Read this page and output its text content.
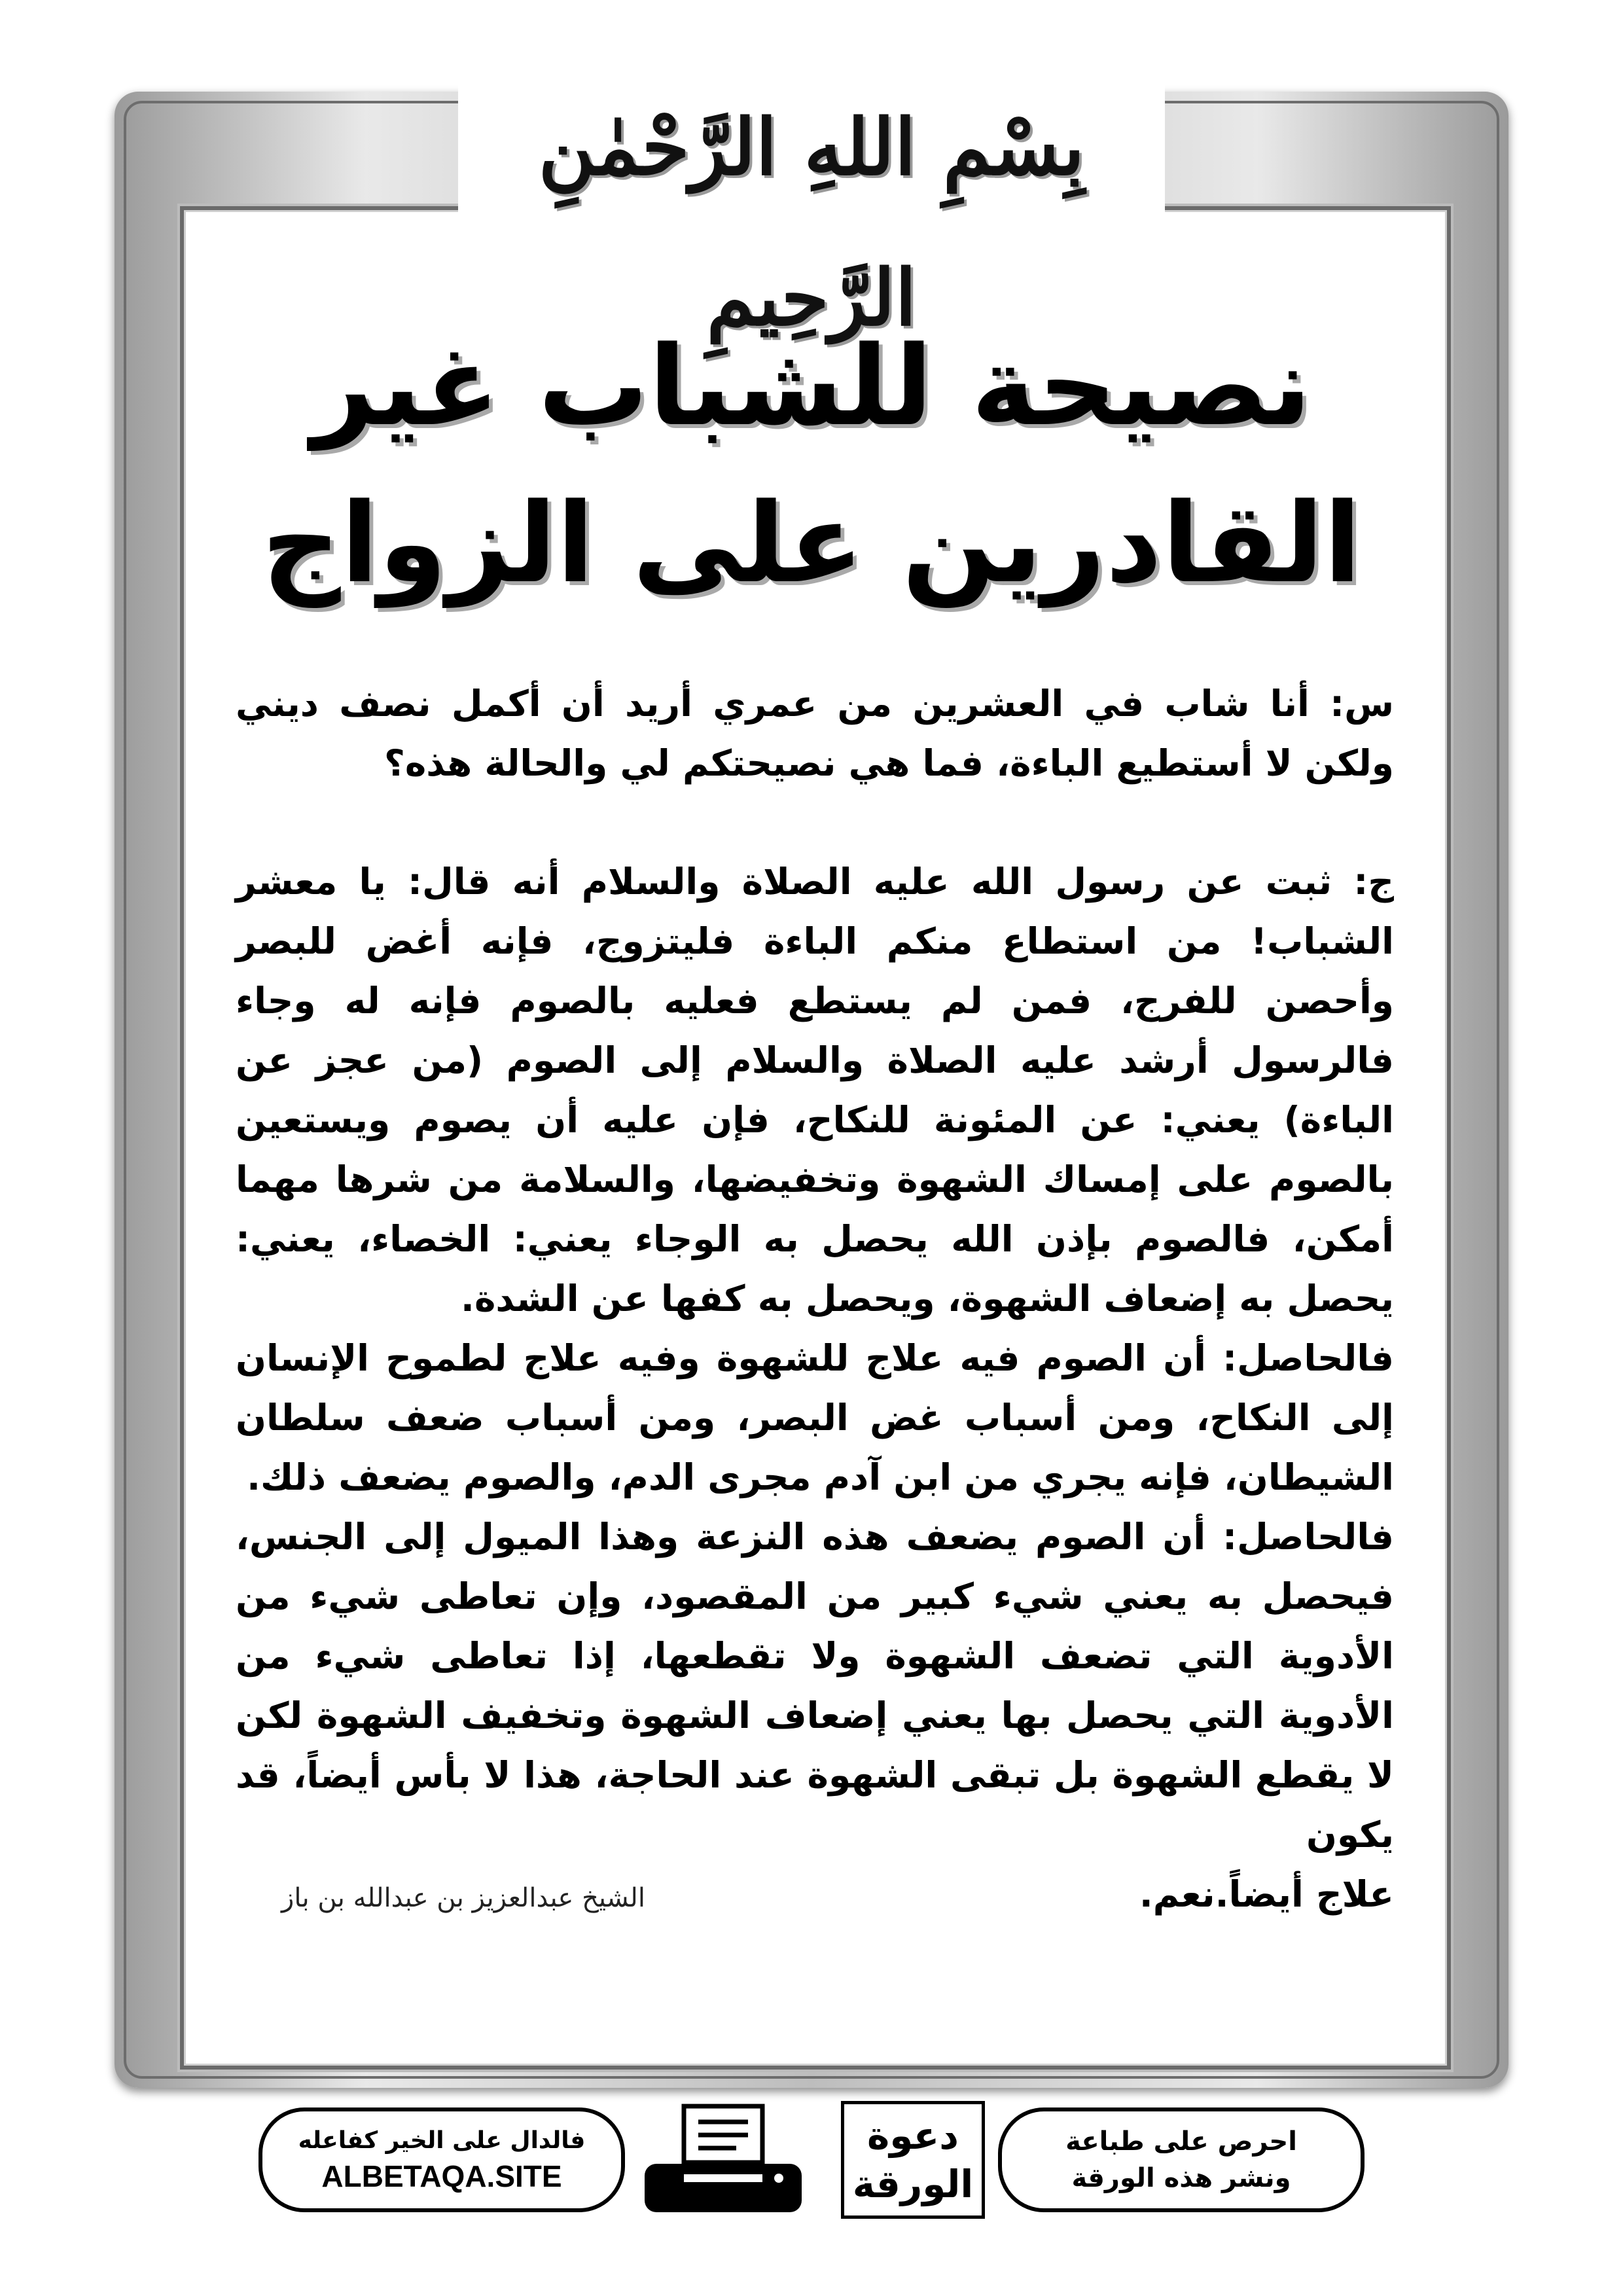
بِسْمِ اللهِ الرَّحْمٰنِ الرَّحِيمِ
نصيحة للشباب غير
القادرين على الزواج

س: أنا شاب في العشرين من عمري أريد أن أكمل نصف ديني ولكن لا أستطيع الباءة، فما هي نصيحتكم لي والحالة هذه؟

ج: ثبت عن رسول الله عليه الصلاة والسلام أنه قال: يا معشر الشباب! من استطاع منكم الباءة فليتزوج، فإنه أغض للبصر وأحصن للفرج، فمن لم يستطع فعليه بالصوم فإنه له وجاء فالرسول أرشد عليه الصلاة والسلام إلى الصوم (من عجز عن الباءة) يعني: عن المئونة للنكاح، فإن عليه أن يصوم ويستعين بالصوم على إمساك الشهوة وتخفيضها، والسلامة من شرها مهما أمكن، فالصوم بإذن الله يحصل به الوجاء يعني: الخصاء، يعني: يحصل به إضعاف الشهوة، ويحصل به كفها عن الشدة.

فالحاصل: أن الصوم فيه علاج للشهوة وفيه علاج لطموح الإنسان إلى النكاح، ومن أسباب غض البصر، ومن أسباب ضعف سلطان الشيطان، فإنه يجري من ابن آدم مجرى الدم، والصوم يضعف ذلك.

فالحاصل: أن الصوم يضعف هذه النزعة وهذا الميول إلى الجنس، فيحصل به يعني شيء كبير من المقصود، وإن تعاطى شيء من الأدوية التي تضعف الشهوة ولا تقطعها، إذا تعاطى شيء من الأدوية التي يحصل بها يعني إضعاف الشهوة وتخفيف الشهوة لكن لا يقطع الشهوة بل تبقى الشهوة عند الحاجة، هذا لا بأس أيضاً، قد يكون

علاج أيضاً.نعم.
الشيخ عبدالعزيز بن عبدالله بن باز
فالدال على الخير كفاعله
ALBETAQA.SITE
دعوة
الورقة
احرص على طباعة
ونشر هذه الورقة
